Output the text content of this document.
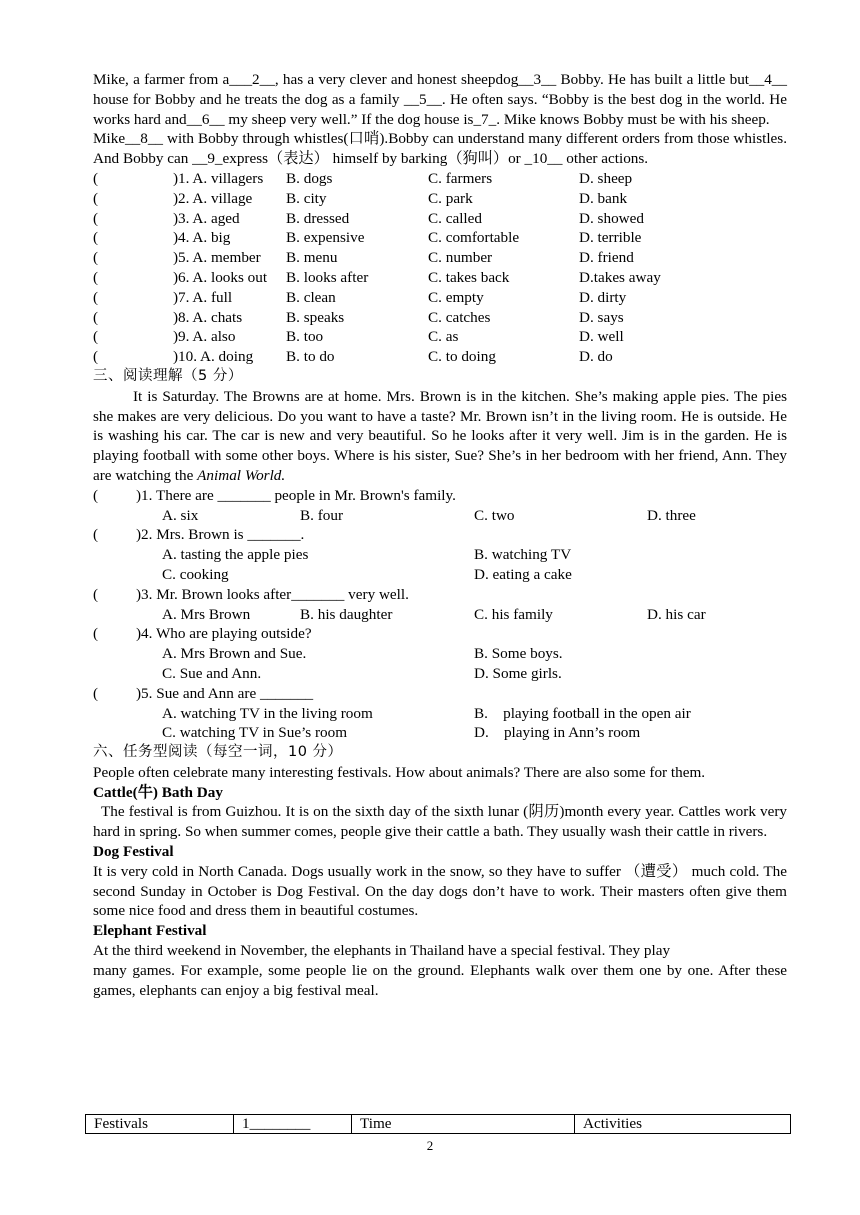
Mike, a farmer from a___2__, has a very clever and honest sheepdog__3__ Bobby. He has built a little but__4__ house for Bobby and he treats the dog as a family __5__. He often says. “Bobby is the best dog in the world. He works hard and__6__ my sheep very well.” If the dog house is_7_. Mike knows Bobby must be with his sheep.

Mike__8__ with Bobby through whistles(口哨).Bobby can understand many different orders from those whistles. And Bobby can __9_express（表达） himself by barking（狗叫）or _10__ other actions.

(	)1. A. villagers B. dogs	C. farmers	D. sheep
(	)2. A. village B. city	C. park	D. bank
(	)3. A. aged	B. dressed	C. called	D. showed
(	)4. A. big	B. expensive	C. comfortable	D. terrible
(	)5. A. member B. menu	C. number	D. friend
(	)6. A. looks out B. looks after	C. takes back	D.takes away
(	)7. A. full	B. clean	C. empty	D. dirty
(	)8. A. chats	B. speaks	C. catches	D. says
(	)9. A. also	B. too	C. as	D. well
(	)10. A. doing B. to do	C. to doing	D. do

三、阅读理解（5 分）

It is Saturday. The Browns are at home. Mrs. Brown is in the kitchen. She’s making apple pies. The pies she makes are very delicious. Do you want to have a taste? Mr. Brown isn’t in the living room. He is outside. He is washing his car. The car is new and very beautiful. So he looks after it very well. Jim is in the garden. He is playing football with some other boys. Where is his sister, Sue? She’s in her bedroom with her friend, Ann. They are watching the Animal World.

( )1. There are _______ people in Mr. Brown's family.
A. six	B. four	C. two	D. three
( )2. Mrs. Brown is _______.
A. tasting the apple pies	B. watching TV
C. cooking	D. eating a cake
( )3. Mr. Brown looks after_______ very well.
A. Mrs Brown	B. his daughter	C. his family	D. his car
( )4. Who are playing outside?
A. Mrs Brown and Sue.	B. Some boys.
C. Sue and Ann.	D. Some girls.
( )5. Sue and Ann are _______
A. watching TV in the living room	B.    playing football in the open air
C. watching TV in Sue’s room	D.    playing in Ann’s room

六、任务型阅读（每空一词，10 分）

People often celebrate many interesting festivals. How about animals? There are also some for them.

Cattle(牛) Bath Day

The festival is from Guizhou. It is on the sixth day of the sixth lunar (阴历)month every year. Cattles work very hard in spring. So when summer comes, people give their cattle a bath. They usually wash their cattle in rivers.

Dog Festival

It is very cold in North Canada. Dogs usually work in the snow, so they have to suffer （遭受） much cold. The second Sunday in October is Dog Festival. On the day dogs don’t have to work. Their masters often give them some nice food and dress them in beautiful costumes.

Elephant Festival

At the third weekend in November, the elephants in Thailand have a special festival. They play

many games. For example, some people lie on the ground. Elephants walk over them one by one. After these games, elephants can enjoy a big festival meal.

Festivals	1________	Time	Activities
2
